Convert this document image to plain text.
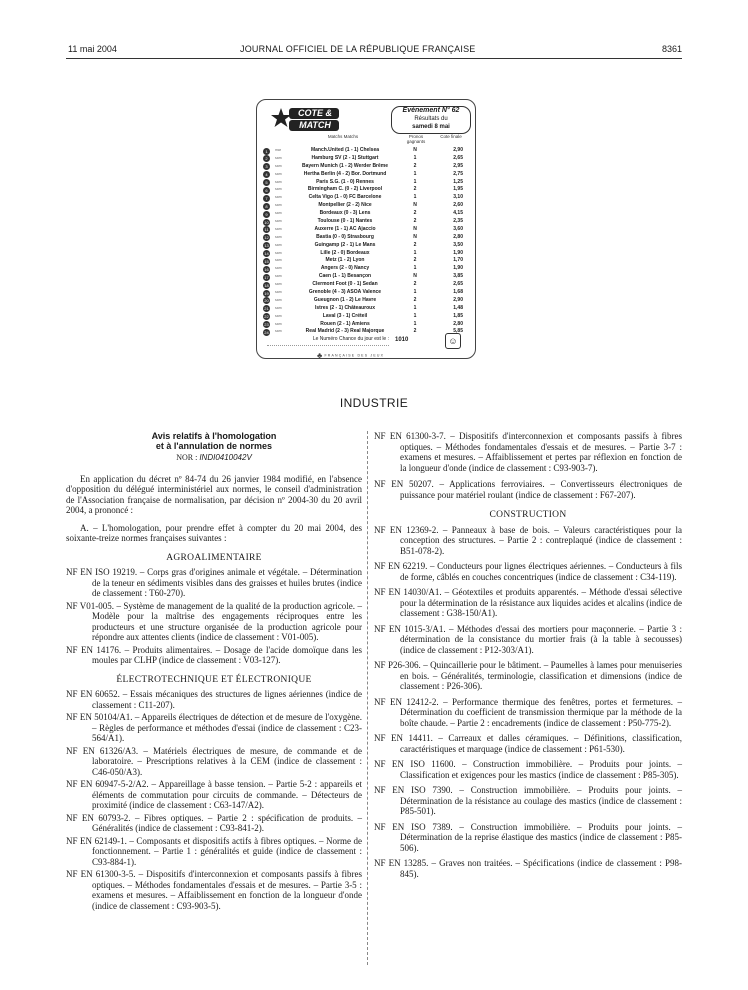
11 mai 2004	JOURNAL OFFICIEL DE LA RÉPUBLIQUE FRANÇAISE	8361
COTE &
MATCH
Evénement N° 62
Résultats du
samedi 8 mai
Matchs Matchs	Pronos gagnants
Cote finale
1	mar	Manch.United (1 - 1) Chelsea	N	2,90
2	sam	Hamburg SV (2 - 1) Stuttgart	1	2,65
3	sam	Bayern Munich (1 - 2) Werder Brême	2	2,95
4	sam	Hertha Berlin (4 - 2) Bor. Dortmund	1	2,75
5	sam	Paris S.G. (1 - 0) Rennes	1	1,25
6	sam	Birmingham C. (0 - 2) Liverpool	2	1,95
7	sam	Celta Vigo (1 - 0) FC Barcelone	1	3,10
8	sam	Montpellier (2 - 2) Nice	N	2,60
9	sam	Bordeaux (0 - 3) Lens	2	4,15
10	sam	Toulouse (0 - 1) Nantes	2	2,35
11	sam	Auxerre (1 - 1) AC Ajaccio	N	3,60
12	sam	Bastia (0 - 0) Strasbourg	N	2,80
13	sam	Guingamp (2 - 1) Le Mans	2	3,50
14	sam	Lille (2 - 0) Bordeaux	1	1,90
15	sam	Metz (1 - 2) Lyon	2	1,70
16	sam	Angers (2 - 0) Nancy	1	1,90
17	sam	Caen (1 - 1) Besançon	N	3,85
18	sam	Clermont Foot (0 - 1) Sedan	2	2,65
19	sam	Grenoble (4 - 3) ASOA Valence	1	1,68
20	sam	Gueugnon (1 - 2) Le Havre	2	2,90
21	sam	Istres (2 - 1) Châteauroux	1	1,48
22	sam	Laval (3 - 1) Créteil	1	1,85
23	sam	Rouen (2 - 1) Amiens	1	2,80
24	sam	Real Madrid (2 - 3) Real Majorque	2	5,85
Le Numéro Chance du jour est le : 1010	☺
♣ FRANÇAISE DES JEUX
INDUSTRIE
Avis relatifs à l'homologation
et à l'annulation de normes
NOR : INDI0410042V
En application du décret nº 84-74 du 26 janvier 1984 modifié, en l'absence d'opposition du délégué interministériel aux normes, le conseil d'administration de l'Association française de normalisation, par décision nº 2004-30 du 20 avril 2004, a prononcé :
A. – L'homologation, pour prendre effet à compter du 20 mai 2004, des soixante-treize normes françaises suivantes :
AGROALIMENTAIRE
NF EN ISO 19219. – Corps gras d'origines animale et végétale. – Détermination de la teneur en sédiments visibles dans des graisses et huiles brutes (indice de classement : T60-270).
NF V01-005. – Système de management de la qualité de la production agricole. – Modèle pour la maîtrise des engagements réciproques entre les producteurs et une structure organisée de la production agricole pour répondre aux attentes clients (indice de classement : V01-005).
NF EN 14176. – Produits alimentaires. – Dosage de l'acide domoïque dans les moules par CLHP (indice de classement : V03-127).
ÉLECTROTECHNIQUE ET ÉLECTRONIQUE
NF EN 60652. – Essais mécaniques des structures de lignes aériennes (indice de classement : C11-207).
NF EN 50104/A1. – Appareils électriques de détection et de mesure de l'oxygène. – Règles de performance et méthodes d'essai (indice de classement : C23-564/A1).
NF EN 61326/A3. – Matériels électriques de mesure, de commande et de laboratoire. – Prescriptions relatives à la CEM (indice de classement : C46-050/A3).
NF EN 60947-5-2/A2. – Appareillage à basse tension. – Partie 5-2 : appareils et éléments de commutation pour circuits de commande. – Détecteurs de proximité (indice de classement : C63-147/A2).
NF EN 60793-2. – Fibres optiques. – Partie 2 : spécification de produits. – Généralités (indice de classement : C93-841-2).
NF EN 62149-1. – Composants et dispositifs actifs à fibres optiques. – Norme de fonctionnement. – Partie 1 : généralités et guide (indice de classement : C93-884-1).
NF EN 61300-3-5. – Dispositifs d'interconnexion et composants passifs à fibres optiques. – Méthodes fondamentales d'essais et de mesures. – Partie 3-5 : examens et mesures. – Affaiblissement en fonction de la longueur d'onde (indice de classement : C93-903-5).
NF EN 61300-3-7. – Dispositifs d'interconnexion et composants passifs à fibres optiques. – Méthodes fondamentales d'essais et de mesures. – Partie 3-7 : examens et mesures. – Affaiblissement et pertes par réflexion en fonction de la longueur d'onde (indice de classement : C93-903-7).
NF EN 50207. – Applications ferroviaires. – Convertisseurs électroniques de puissance pour matériel roulant (indice de classement : F67-207).
CONSTRUCTION
NF EN 12369-2. – Panneaux à base de bois. – Valeurs caractéristiques pour la conception des structures. – Partie 2 : contreplaqué (indice de classement : B51-078-2).
NF EN 62219. – Conducteurs pour lignes électriques aériennes. – Conducteurs à fils de forme, câblés en couches concentriques (indice de classement : C34-119).
NF EN 14030/A1. – Géotextiles et produits apparentés. – Méthode d'essai sélective pour la détermination de la résistance aux liquides acides et alcalins (indice de classement : G38-150/A1).
NF EN 1015-3/A1. – Méthodes d'essai des mortiers pour maçonnerie. – Partie 3 : détermination de la consistance du mortier frais (à la table à secousses) (indice de classement : P12-303/A1).
NF P26-306. – Quincaillerie pour le bâtiment. – Paumelles à lames pour menuiseries en bois. – Généralités, terminologie, classification et dimensions (indice de classement : P26-306).
NF EN 12412-2. – Performance thermique des fenêtres, portes et fermetures. – Détermination du coefficient de transmission thermique par la méthode de la boîte chaude. – Partie 2 : encadrements (indice de classement : P50-775-2).
NF EN 14411. – Carreaux et dalles céramiques. – Définitions, classification, caractéristiques et marquage (indice de classement : P61-530).
NF EN ISO 11600. – Construction immobilière. – Produits pour joints. – Classification et exigences pour les mastics (indice de classement : P85-305).
NF EN ISO 7390. – Construction immobilière. – Produits pour joints. – Détermination de la résistance au coulage des mastics (indice de classement : P85-501).
NF EN ISO 7389. – Construction immobilière. – Produits pour joints. – Détermination de la reprise élastique des mastics (indice de classement : P85-506).
NF EN 13285. – Graves non traitées. – Spécifications (indice de classement : P98-845).
